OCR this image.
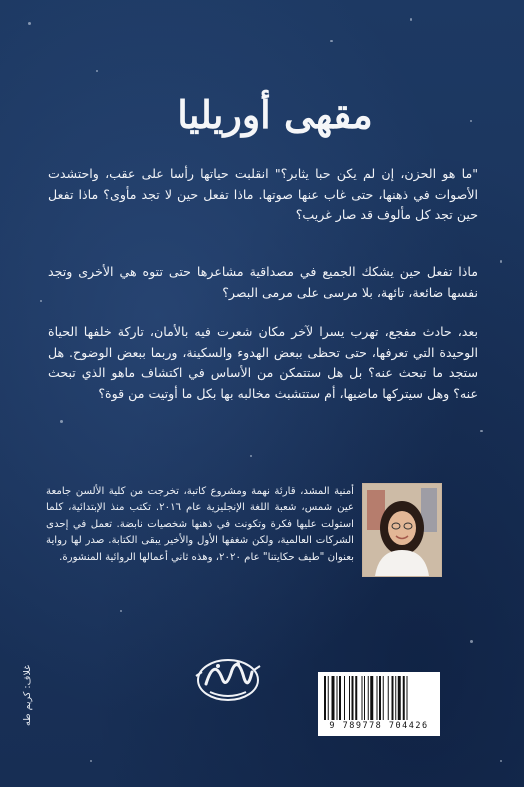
مقهى أوريليا
"ما هو الحزن، إن لم يكن حبا يثابر؟" انقلبت حياتها رأسا على عقب، واحتشدت الأصوات في ذهنها، حتى غاب عنها صوتها. ماذا تفعل حين لا تجد مأوى؟ ماذا تفعل حين تجد كل مألوف قد صار غريب؟
ماذا تفعل حين يشكك الجميع في مصداقية مشاعرها حتى تتوه هي الأخرى وتجد نفسها ضائعة، تائهة، بلا مرسى على مرمى البصر؟
بعد، حادث مفجع، تهرب يسرا لآخر مكان شعرت فيه بالأمان، تاركة خلفها الحياة الوحيدة التي تعرفها، حتى تحظى ببعض الهدوء والسكينة، وربما ببعض الوضوح. هل ستجد ما تبحث عنه؟ بل هل ستتمكن من الأساس في اكتشاف ماهو الذي تبحث عنه؟ وهل سيتركها ماضيها، أم ستتشبث مخالبه بها بكل ما أوتيت من قوة؟
أمنية المشد، قارئة نهمة ومشروع كاتبة، تخرجت من كلية الألسن جامعة عين شمس، شعبة اللغة الإنجليزية عام ٢٠١٦. تكتب منذ الإبتدائية، كلما استولت عليها فكرة وتكونت في ذهنها شخصيات نابضة. تعمل في إحدى الشركات العالمية، ولكن شغفها الأول والأخير يبقى الكتابة. صدر لها رواية بعنوان "طيف حكايتنا" عام ٢٠٢٠، وهذه ثاني أعمالها الروائية المنشورة.
غلاف: كريم طه
9 789778 704426
